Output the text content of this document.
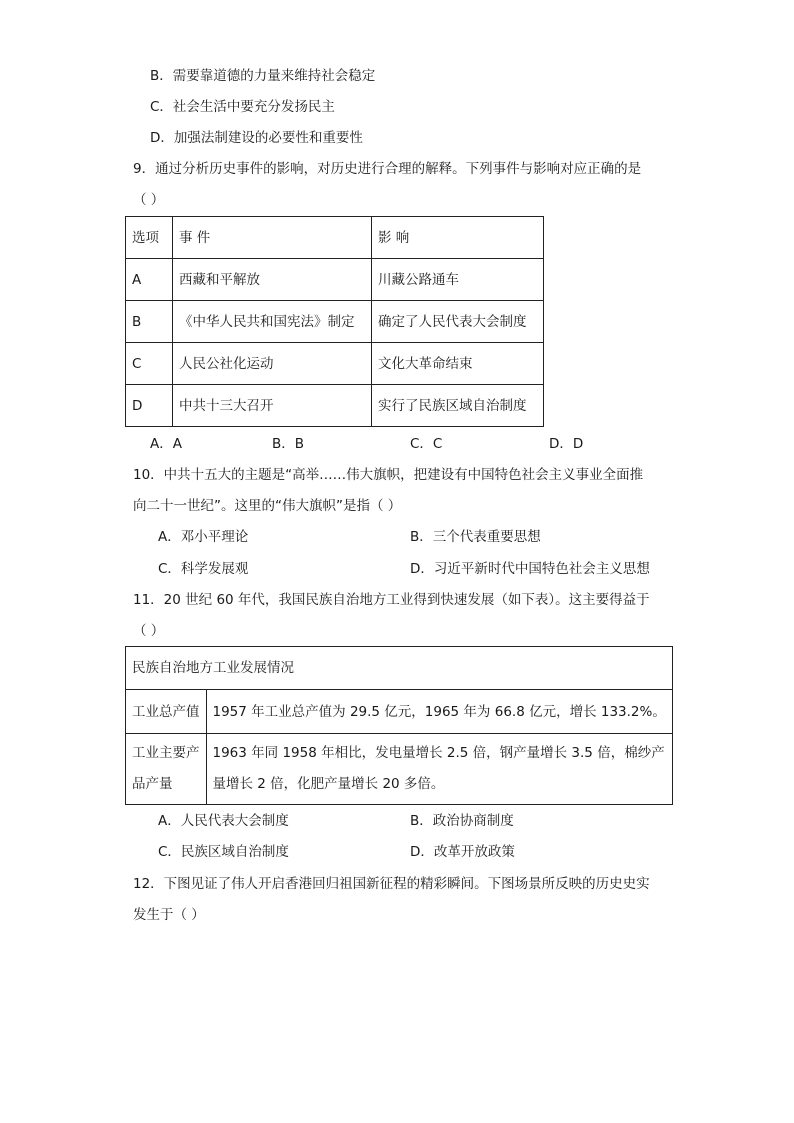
B．需要靠道德的力量来维持社会稳定
C．社会生活中要充分发扬民主
D．加强法制建设的必要性和重要性
9．通过分析历史事件的影响，对历史进行合理的解释。下列事件与影响对应正确的是
（ ）
选项	事 件	影 响
A	西藏和平解放	川藏公路通车
B	《中华人民共和国宪法》制定	确定了人民代表大会制度
C	人民公社化运动	文化大革命结束
D	中共十三大召开	实行了民族区域自治制度
A．A	B．B	C．C	D．D
10．中共十五大的主题是“高举……伟大旗帜，把建设有中国特色社会主义事业全面推
向二十一世纪”。这里的“伟大旗帜”是指（ ）
A．邓小平理论	B．三个代表重要思想
C．科学发展观	D．习近平新时代中国特色社会主义思想
11．20 世纪 60 年代，我国民族自治地方工业得到快速发展（如下表）。这主要得益于
（ ）
民族自治地方工业发展情况	
工业总产值	1957 年工业总产值为 29.5 亿元，1965 年为 66.8 亿元，增长 133.2%。
工业主要产品产量	1963 年同 1958 年相比，发电量增长 2.5 倍，钢产量增长 3.5 倍，棉纱产量增长 2 倍，化肥产量增长 20 多倍。
A．人民代表大会制度	B．政治协商制度
C．民族区域自治制度	D．改革开放政策
12．下图见证了伟人开启香港回归祖国新征程的精彩瞬间。下图场景所反映的历史史实
发生于（ ）
